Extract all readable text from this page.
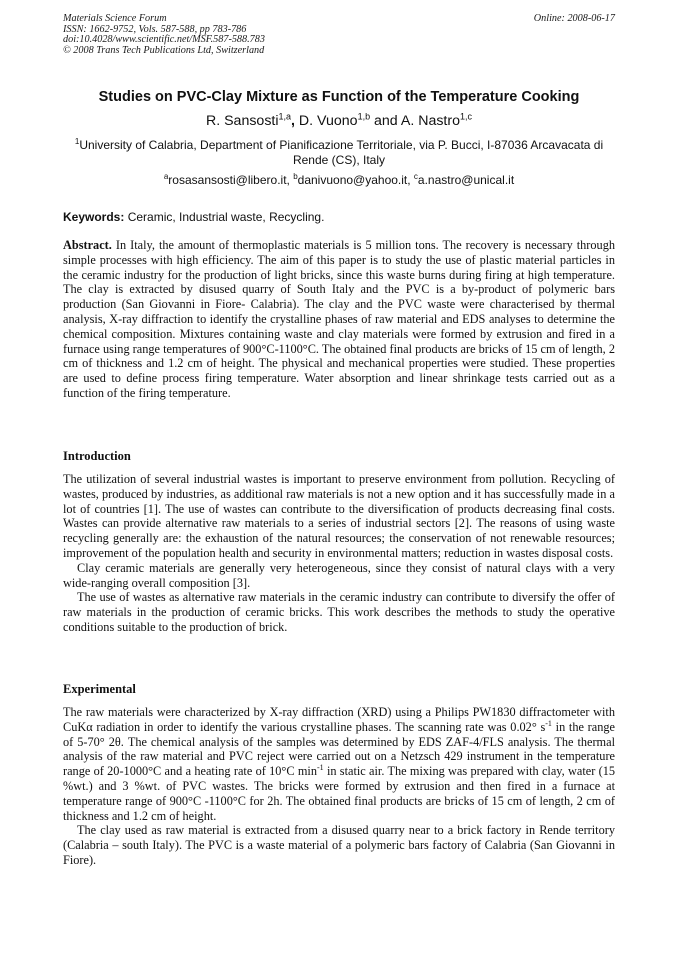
Materials Science Forum
ISSN: 1662-9752, Vols. 587-588, pp 783-786
doi:10.4028/www.scientific.net/MSF.587-588.783
© 2008 Trans Tech Publications Ltd, Switzerland
Online: 2008-06-17
Studies on PVC-Clay Mixture as Function of the Temperature Cooking
R. Sansosti$^{1,a}$, D. Vuono$^{1,b}$ and A. Nastro$^{1,c}$
$^1$University of Calabria, Department of Pianificazione Territoriale, via P. Bucci, I-87036 Arcavacata di Rende (CS), Italy
$^a$rosasansosti@libero.it, $^b$danivuono@yahoo.it, $^c$a.nastro@unical.it
Keywords: Ceramic, Industrial waste, Recycling.

Abstract. In Italy, the amount of thermoplastic materials is 5 million tons. The recovery is necessary through simple processes with high efficiency. The aim of this paper is to study the use of plastic material particles in the ceramic industry for the production of light bricks, since this waste burns during firing at high temperature. The clay is extracted by disused quarry of South Italy and the PVC is a by-product of polymeric bars production (San Giovanni in Fiore- Calabria). The clay and the PVC waste were characterised by thermal analysis, X-ray diffraction to identify the crystalline phases of raw material and EDS analyses to determine the chemical composition. Mixtures containing waste and clay materials were formed by extrusion and fired in a furnace using range temperatures of 900°C-1100°C. The obtained final products are bricks of 15 cm of length, 2 cm of thickness and 1.2 cm of height. The physical and mechanical properties were studied. These properties are used to define process firing temperature. Water absorption and linear shrinkage tests carried out as a function of the firing temperature.

Introduction

The utilization of several industrial wastes is important to preserve environment from pollution. Recycling of wastes, produced by industries, as additional raw materials is not a new option and it has successfully made in a lot of countries [1]. The use of wastes can contribute to the diversification of products decreasing final costs. Wastes can provide alternative raw materials to a series of industrial sectors [2]. The reasons of using waste recycling generally are: the exhaustion of the natural resources; the conservation of not renewable resources; improvement of the population health and security in environmental matters; reduction in wastes disposal costs.

Clay ceramic materials are generally very heterogeneous, since they consist of natural clays with a very wide-ranging overall composition [3].

The use of wastes as alternative raw materials in the ceramic industry can contribute to diversify the offer of raw materials in the production of ceramic bricks. This work describes the methods to study the operative conditions suitable to the production of brick.

Experimental

The raw materials were characterized by X-ray diffraction (XRD) using a Philips PW1830 diffractometer with CuKα radiation in order to identify the various crystalline phases. The scanning rate was 0.02° $s^{-1}$ in the range of 5-70° 2θ. The chemical analysis of the samples was determined by EDS ZAF-4/FLS analysis. The thermal analysis of the raw material and PVC reject were carried out on a Netzsch 429 instrument in the temperature range of 20-1000°C and a heating rate of 10°C $\min^{-1}$ in static air. The mixing was prepared with clay, water (15 %wt.) and 3 %wt. of PVC wastes. The bricks were formed by extrusion and then fired in a furnace at temperature range of 900°C -1100°C for 2h. The obtained final products are bricks of 15 cm of length, 2 cm of thickness and 1.2 cm of height.

The clay used as raw material is extracted from a disused quarry near to a brick factory in Rende territory (Calabria – south Italy). The PVC is a waste material of a polymeric bars factory of Calabria (San Giovanni in Fiore).
